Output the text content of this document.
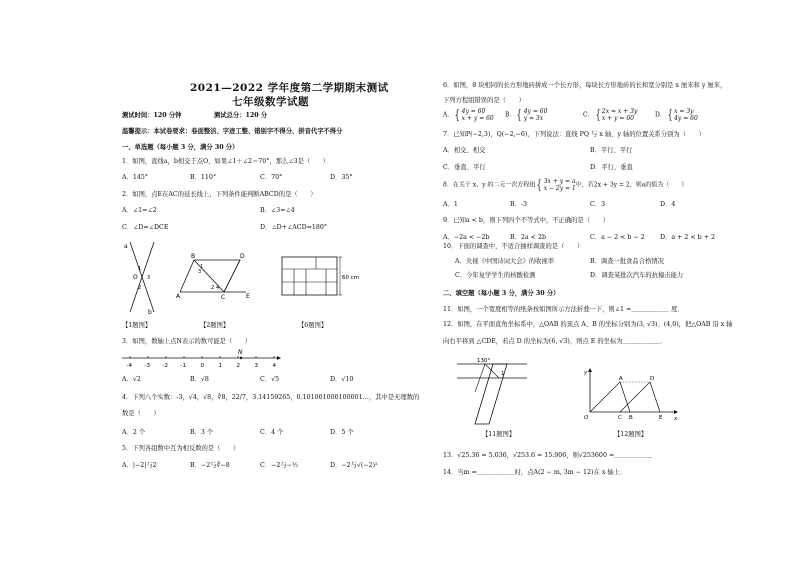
2021—2022 学年度第二学期期末测试
七年级数学试题
测试时间：120 分钟	测试总分：120 分
温馨提示：本试卷要求：卷面整洁、字迹工整、错别字不得分、拼音代字不得分
一、单选题（每小题 3 分，满分 30 分）
1．如图，直线a，b相交于点O，如果∠1＋∠2＝70°，那么∠3是（　　）
A．145°	B．110°	C．70°	D．35°
2．如图，点E在AC的延长线上，下列条件能判断ABCD的是（　　）
A．∠1=∠2	B．∠3=∠4
C．∠D=∠DCE	D．∠D+∠ACD=180°
a
b
O
1
2
3
A
B
C
D
E
1
2
3
4
60 cm
【1题图】	【2题图】	【6题图】
3．如图，数轴上点N表示的数可能是（　　）
-4 -3 -2 -1	0	1	2	3	4
N
A．√2	B．√8	C．√5	D．√10
4．下列八个实数：-3，√4，√8，∛8，22/7，3.14159265，0.101001000100001…，其中是无理数的
数是（　　）
A．2 个	B．3 个	C．4 个	D．5 个
5．下列各组数中互为相反数的是（　　）
A．|−2|与2	B．−2与∛−8	C．−2与−½	D．−2与√(−2)²
6．如图，8 块相同的长方形地砖拼成一个长方形，每块长方形地砖的长和宽分别是 x 厘米和 y 厘米，
下列方程组错误的是（　　）
A． { 4y = 60
x + y = 60 B． { 4y = 60
y = 3x	C． { 2x = x + 3y
x + y = 60	D． { x = 3y
4y = 60
7．已知P(−2,3)，Q(−2,−6)，下列说法：直线 PQ 与 x 轴，y 轴的位置关系分别为（　　）
A．相交、相交	B．平行、平行
C．垂直、平行	D．平行、垂直
8．在关于 x、y 的二元一次方程组 { 3x + y = a
x − 2y = 1中，若2x + 3y = 2，则a的值为（　　）
A．1	B．-3	C．3	D．4
9．已知a < b，则下列四个不等式中，不正确的是（　　）
A．−2a < −2b	B．2a < 2b	C．a − 2 < b − 2 D．a + 2 < b + 2
10．下面的调查中，不适合抽样调查的是（　　）
A．央视《中国诗词大会》的收视率	B．调查一批食品合格情况
C．今年复学学生的核酸检测	D．调查某批次汽车的抗撞击能力
二、填空题（每小题 3 分，满分 30 分）
11．如图，一个宽度相等的纸条按如图所示方法折叠一下，则∠1 =＿＿＿＿＿＿ 度．
12．如图，在平面直角坐标系中，△OAB 的顶点 A、B 的坐标分别为(3, √3)、(4,0)，把△OAB 沿 x 轴
向右平移到 △CDE，若点 D 的坐标为(6, √3)，则点 E 的坐标为＿＿＿＿＿＿．
130°
1	y
x
O
A
B
C
D
E
【11题图】	【12题图】
13．√25.36 = 5.036，√253.6 = 15.906，则√253600 =＿＿＿＿＿＿
14．当m =＿＿＿＿＿＿时，点A(2 − m, 3m − 12)在 x 轴上．
